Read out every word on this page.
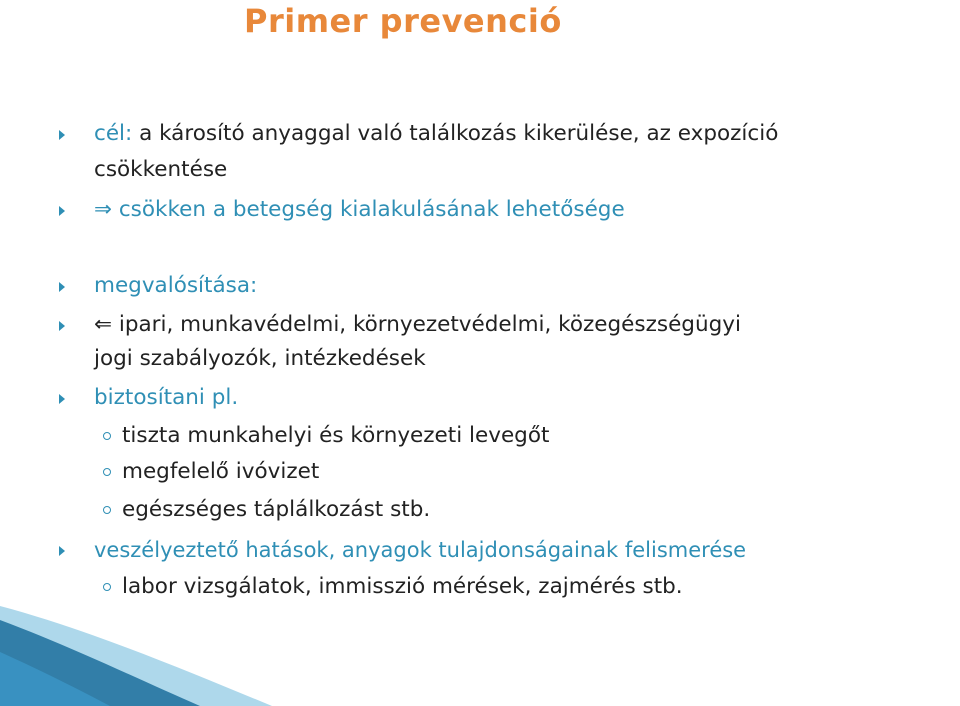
Primer prevenció
cél: a károsító anyaggal való találkozás kikerülése, az expozíció
csökkentése
⇒ csökken a betegség kialakulásának lehetősége
megvalósítása:
⇐ ipari, munkavédelmi, környezetvédelmi, közegészségügyi
jogi szabályozók, intézkedések
biztosítani pl.
tiszta munkahelyi és környezeti levegőt
megfelelő ivóvizet
egészséges táplálkozást stb.
veszélyeztető hatások, anyagok tulajdonságainak felismerése
labor vizsgálatok, immisszió mérések, zajmérés stb.
